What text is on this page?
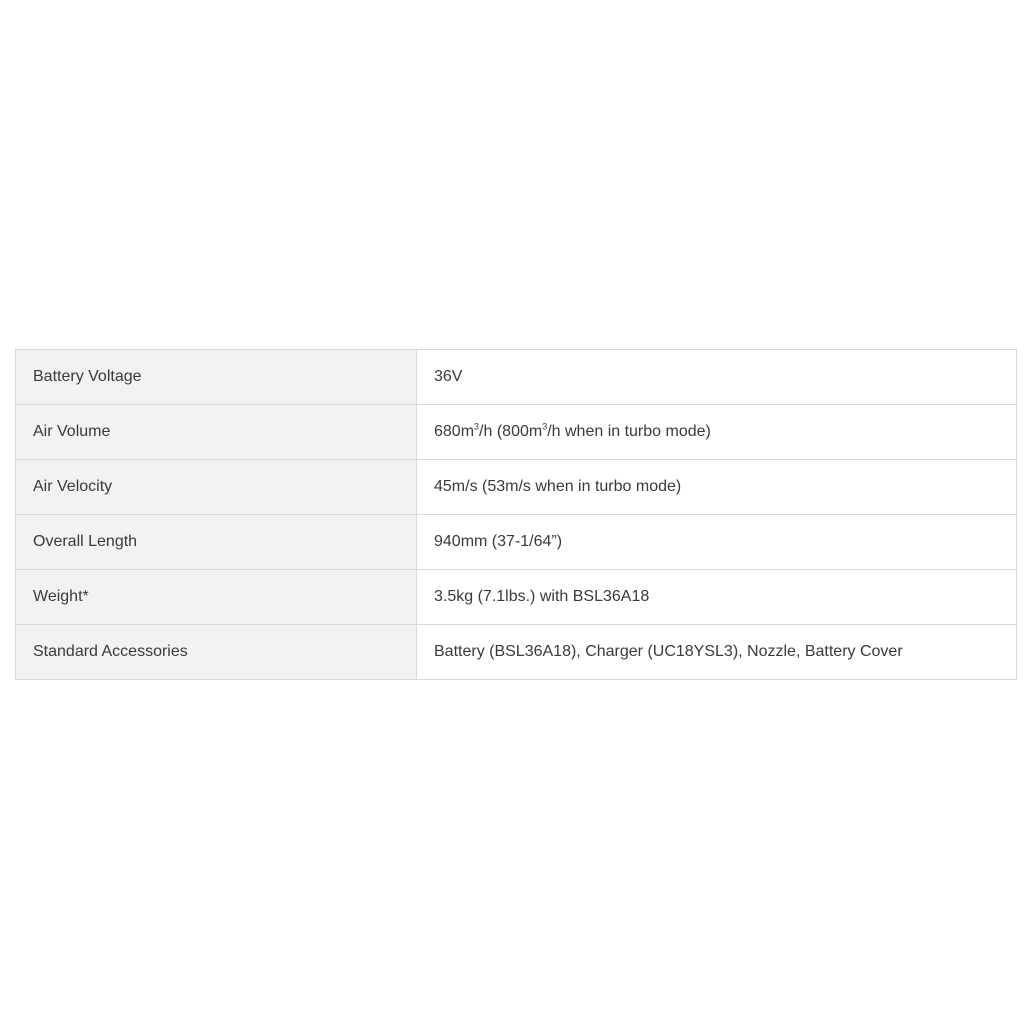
Battery Voltage	36V
Air Volume	$680m^3/h$ ($800m^3/h$ when in turbo mode)
Air Velocity	45m/s (53m/s when in turbo mode)
Overall Length	940mm (37-1/64”)
Weight*	3.5kg (7.1lbs.) with BSL36A18
Standard Accessories	Battery (BSL36A18), Charger (UC18YSL3), Nozzle, Battery Cover
